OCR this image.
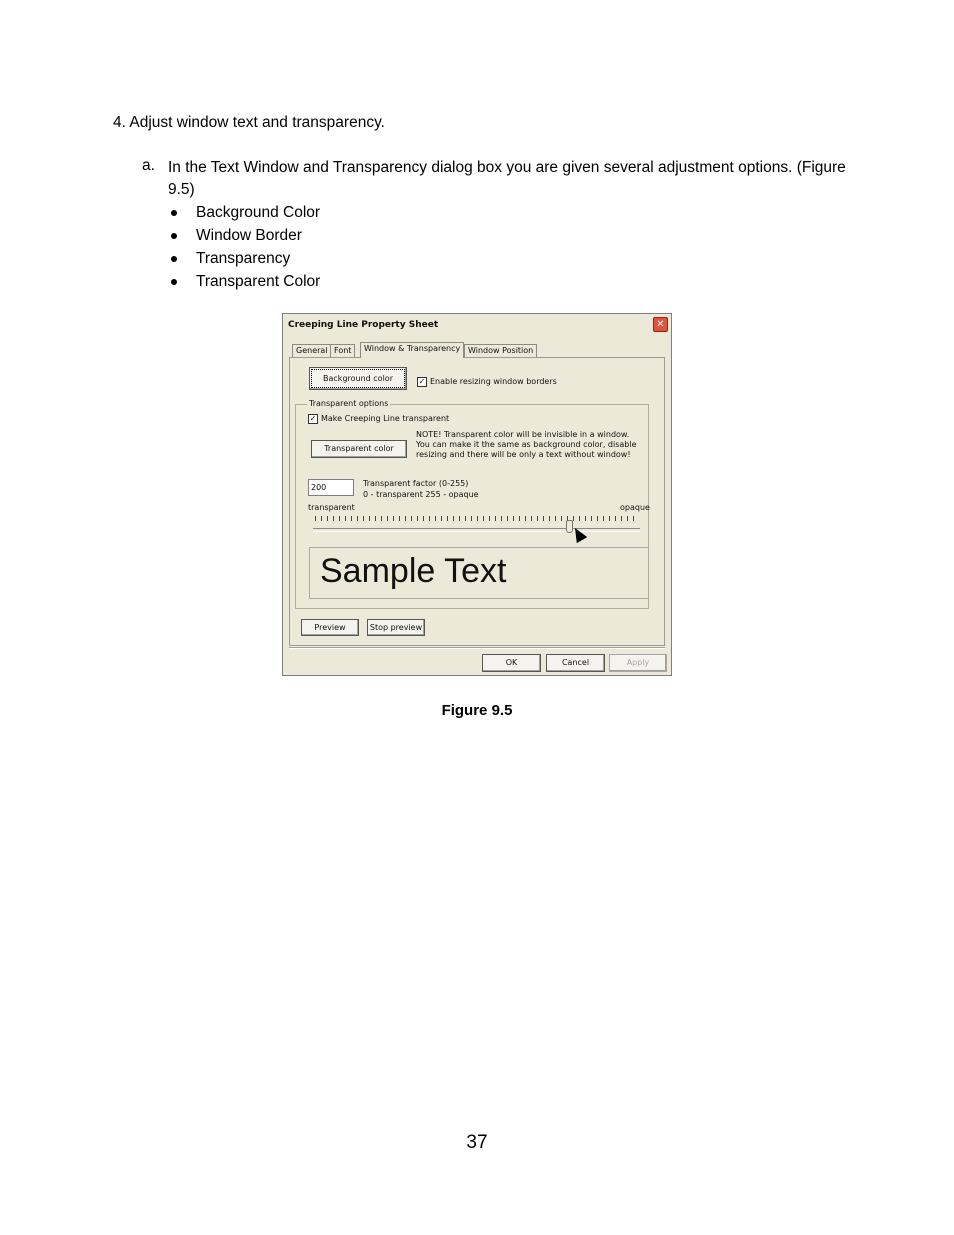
4. Adjust window text and transparency.
a. In the Text Window and Transparency dialog box you are given several adjustment options. (Figure 9.5)
Background Color
Window Border
Transparency
Transparent Color
Creeping Line Property Sheet	✕
General Font	Window & Transparency Window Position
Background color	✓ Enable resizing window borders
Transparent options
✓ Make Creeping Line transparent
Transparent color
NOTE! Transparent color will be invisible in a window.
You can make it the same as background color, disable
resizing and there will be only a text without window!
200	Transparent factor (0-255)
0 - transparent 255 - opaque
transparent	opaque
Sample Text
Preview	Stop preview
OK	Cancel	Apply
Figure 9.5
37
